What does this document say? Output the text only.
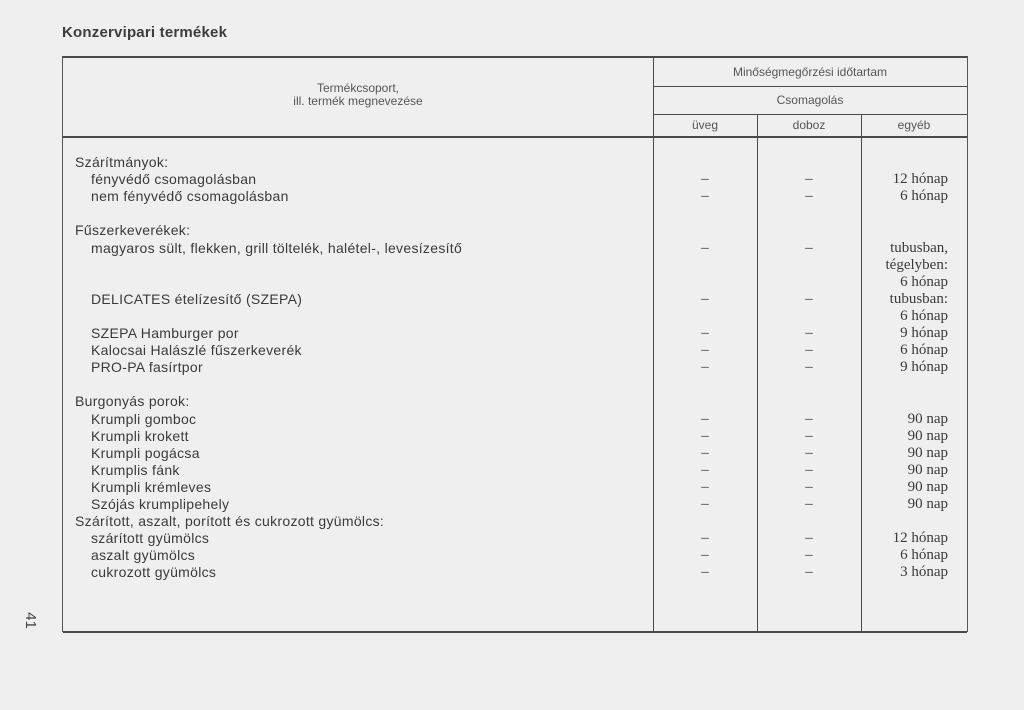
Konzervipari termékek
41
Termékcsoport,
ill. termék megnevezése
Minőségmegőrzési időtartam
Csomagolás
üveg	doboz	egyéb
Szárítmányok:
fényvédő csomagolásban	–	–	12 hónap
nem fényvédő csomagolásban	–	–	6 hónap
Fűszerkeverékek:
magyaros sült, flekken, grill töltelék, halétel-, levesízesítő	–	–	tubusban,
tégelyben:
6 hónap
DELICATES ételízesítő (SZEPA)	–	–	tubusban:
6 hónap
SZEPA Hamburger por	–	–	9 hónap
Kalocsai Halászlé fűszerkeverék	–	–	6 hónap
PRO-PA fasírtpor	–	–	9 hónap
Burgonyás porok:
Krumpli gomboc	–	–	90 nap
Krumpli krokett	–	–	90 nap
Krumpli pogácsa	–	–	90 nap
Krumplis fánk	–	–	90 nap
Krumpli krémleves	–	–	90 nap
Szójás krumplipehely	–	–	90 nap
Szárított, aszalt, porított és cukrozott gyümölcs:
szárított gyümölcs	–	–	12 hónap
aszalt gyümölcs	–	–	6 hónap
cukrozott gyümölcs	–	–	3 hónap
